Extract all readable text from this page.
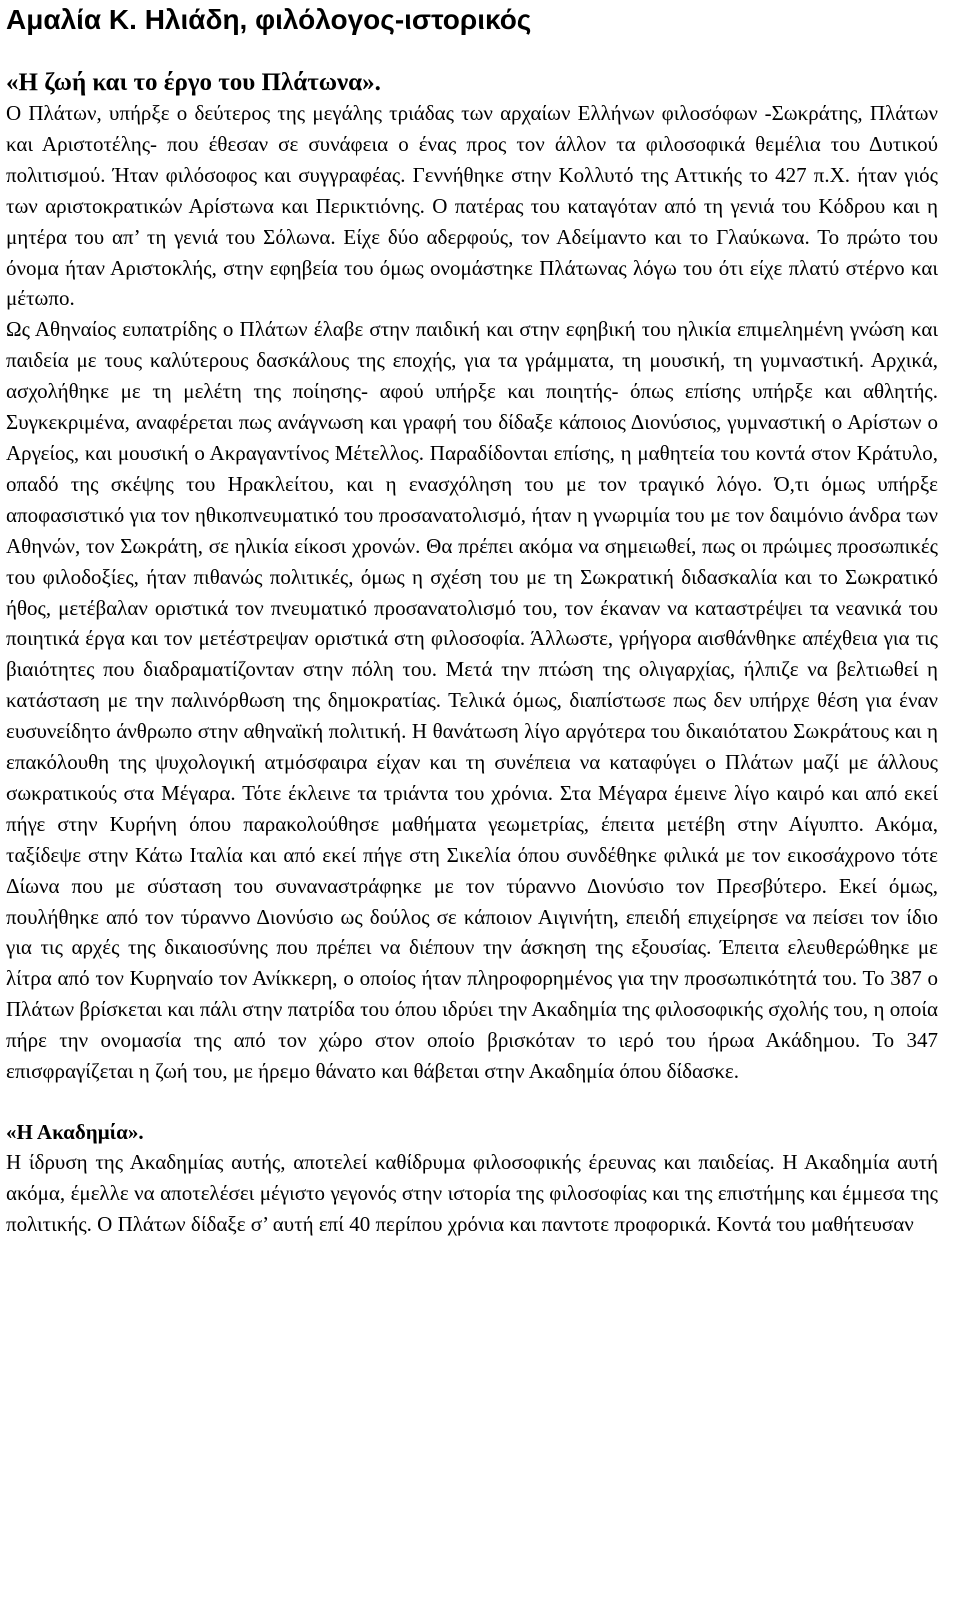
Αμαλία Κ. Ηλιάδη, φιλόλογος-ιστορικός
«Η ζωή και το έργο του Πλάτωνα».

Ο Πλάτων, υπήρξε ο δεύτερος της μεγάλης τριάδας των αρχαίων Ελλήνων φιλοσόφων -Σωκράτης, Πλάτων και Αριστοτέλης- που έθεσαν σε συνάφεια ο ένας προς τον άλλον τα φιλοσοφικά θεμέλια του Δυτικού πολιτισμού. Ήταν φιλόσοφος και συγγραφέας. Γεννήθηκε στην Κολλυτό της Αττικής το 427 π.Χ. ήταν γιός των αριστοκρατικών Αρίστωνα και Περικτιόνης. Ο πατέρας του καταγόταν από τη γενιά του Κόδρου και η μητέρα του απ’ τη γενιά του Σόλωνα. Είχε δύο αδερφούς, τον Αδείμαντο και το Γλαύκωνα. Το πρώτο του όνομα ήταν Αριστοκλής, στην εφηβεία του όμως ονομάστηκε Πλάτωνας λόγω του ότι είχε πλατύ στέρνο και μέτωπο.

Ως Αθηναίος ευπατρίδης ο Πλάτων έλαβε στην παιδική και στην εφηβική του ηλικία επιμελημένη γνώση και παιδεία με τους καλύτερους δασκάλους της εποχής, για τα γράμματα, τη μουσική, τη γυμναστική. Αρχικά, ασχολήθηκε με τη μελέτη της ποίησης- αφού υπήρξε και ποιητής- όπως επίσης υπήρξε και αθλητής. Συγκεκριμένα, αναφέρεται πως ανάγνωση και γραφή του δίδαξε κάποιος Διονύσιος, γυμναστική ο Αρίστων ο Αργείος, και μουσική ο Ακραγαντίνος Μέτελλος. Παραδίδονται επίσης, η μαθητεία του κοντά στον Κράτυλο, οπαδό της σκέψης του Ηρακλείτου, και η ενασχόληση του με τον τραγικό λόγο. Ό,τι όμως υπήρξε αποφασιστικό για τον ηθικοπνευματικό του προσανατολισμό, ήταν η γνωριμία του με τον δαιμόνιο άνδρα των Αθηνών, τον Σωκράτη, σε ηλικία είκοσι χρονών. Θα πρέπει ακόμα να σημειωθεί, πως οι πρώιμες προσωπικές του φιλοδοξίες, ήταν πιθανώς πολιτικές, όμως η σχέση του με τη Σωκρατική διδασκαλία και το Σωκρατικό ήθος, μετέβαλαν οριστικά τον πνευματικό προσανατολισμό του, τον έκαναν να καταστρέψει τα νεανικά του ποιητικά έργα και τον μετέστρεψαν οριστικά στη φιλοσοφία. Άλλωστε, γρήγορα αισθάνθηκε απέχθεια για τις βιαιότητες που διαδραματίζονταν στην πόλη του. Μετά την πτώση της ολιγαρχίας, ήλπιζε να βελτιωθεί η κατάσταση με την παλινόρθωση της δημοκρατίας. Τελικά όμως, διαπίστωσε πως δεν υπήρχε θέση για έναν ευσυνείδητο άνθρωπο στην αθηναϊκή πολιτική. Η θανάτωση λίγο αργότερα του δικαιότατου Σωκράτους και η επακόλουθη της ψυχολογική ατμόσφαιρα είχαν και τη συνέπεια να καταφύγει ο Πλάτων μαζί με άλλους σωκρατικούς στα Μέγαρα. Τότε έκλεινε τα τριάντα του χρόνια. Στα Μέγαρα έμεινε λίγο καιρό και από εκεί πήγε στην Κυρήνη όπου παρακολούθησε μαθήματα γεωμετρίας, έπειτα μετέβη στην Αίγυπτο. Ακόμα, ταξίδεψε στην Κάτω Ιταλία και από εκεί πήγε στη Σικελία όπου συνδέθηκε φιλικά με τον εικοσάχρονο τότε Δίωνα που με σύσταση του συναναστράφηκε με τον τύραννο Διονύσιο τον Πρεσβύτερο. Εκεί όμως, πουλήθηκε από τον τύραννο Διονύσιο ως δούλος σε κάποιον Αιγινήτη, επειδή επιχείρησε να πείσει τον ίδιο για τις αρχές της δικαιοσύνης που πρέπει να διέπουν την άσκηση της εξουσίας. Έπειτα ελευθερώθηκε με λίτρα από τον Κυρηναίο τον Ανίκκερη, ο οποίος ήταν πληροφορημένος για την προσωπικότητά του. Το 387 ο Πλάτων βρίσκεται και πάλι στην πατρίδα του όπου ιδρύει την Ακαδημία της φιλοσοφικής σχολής του, η οποία πήρε την ονομασία της από τον χώρο στον οποίο βρισκόταν το ιερό του ήρωα Ακάδημου. Το 347 επισφραγίζεται η ζωή του, με ήρεμο θάνατο και θάβεται στην Ακαδημία όπου δίδασκε.

«Η Ακαδημία».

Η ίδρυση της Ακαδημίας αυτής, αποτελεί καθίδρυμα φιλοσοφικής έρευνας και παιδείας. Η Ακαδημία αυτή ακόμα, έμελλε να αποτελέσει μέγιστο γεγονός στην ιστορία της φιλοσοφίας και της επιστήμης και έμμεσα της πολιτικής. Ο Πλάτων δίδαξε σ’ αυτή επί 40 περίπου χρόνια και παντοτε προφορικά. Κοντά του μαθήτευσαν
